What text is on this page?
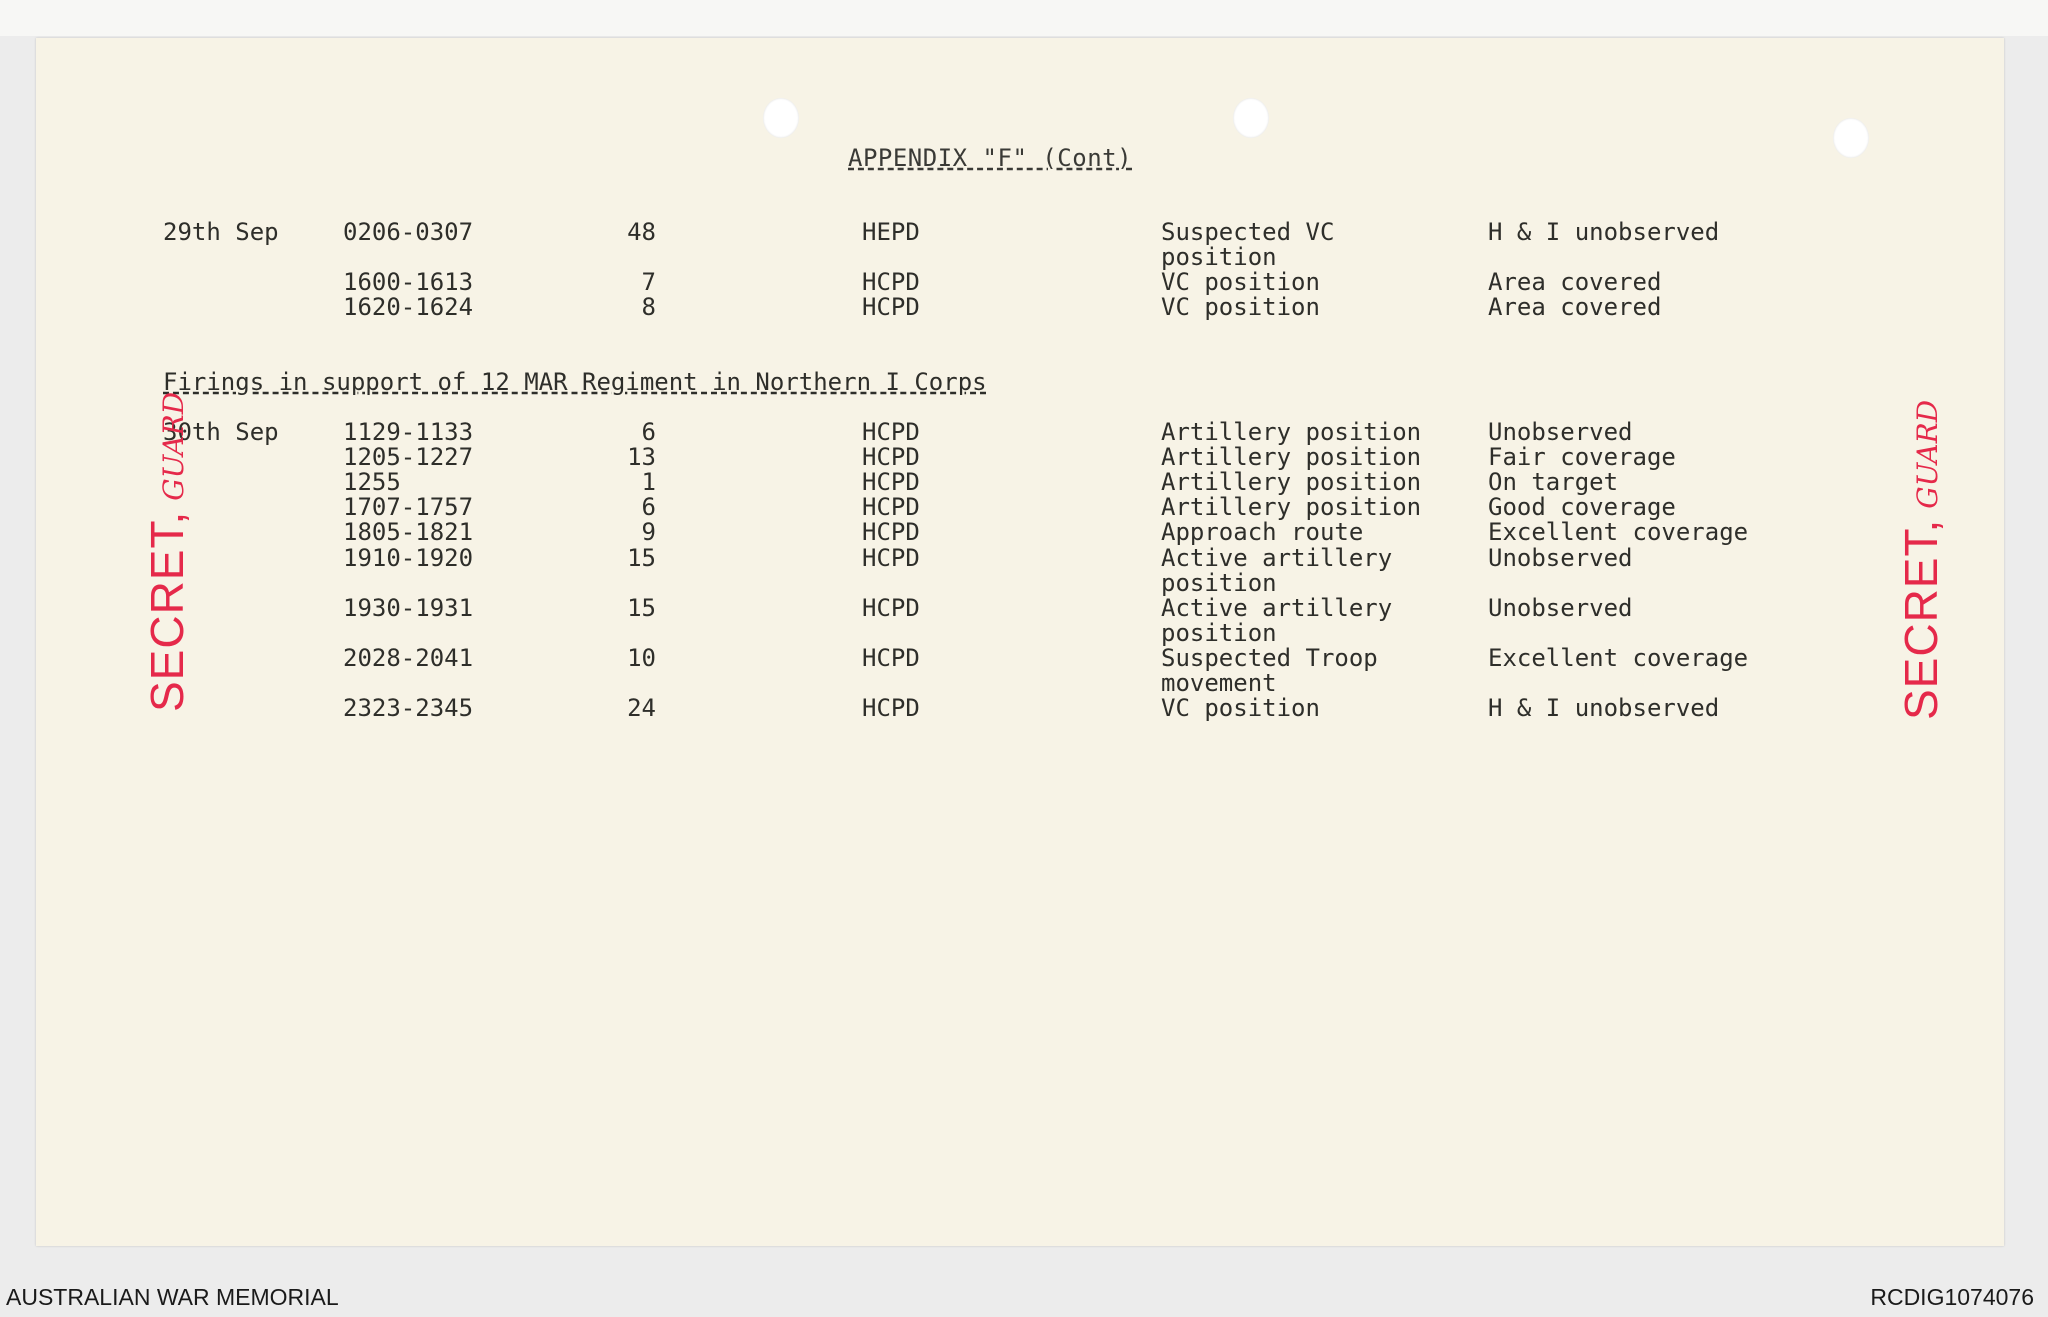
APPENDIX "F" (Cont)
29th Sep	0206-0307	48	HEPD	Suspected VC	H & I unobserved
position
1600-1613	7	HCPD	VC position	Area covered
1620-1624	8	HCPD	VC position	Area covered
Firings in support of 12 MAR Regiment in Northern I Corps
30th Sep	1129-1133	6	HCPD	Artillery position	Unobserved
1205-1227	13	HCPD	Artillery position	Fair coverage
1255	1	HCPD	Artillery position	On target
1707-1757	6	HCPD	Artillery position	Good coverage
1805-1821	9	HCPD	Approach route	Excellent coverage
1910-1920	15	HCPD	Active artillery	Unobserved
position
1930-1931	15	HCPD	Active artillery	Unobserved
position
2028-2041	10	HCPD	Suspected Troop	Excellent coverage
movement
2323-2345	24	HCPD	VC position	H & I unobserved
SECRET,GUARD
SECRET,GUARD
AUSTRALIAN WAR MEMORIAL	RCDIG1074076
